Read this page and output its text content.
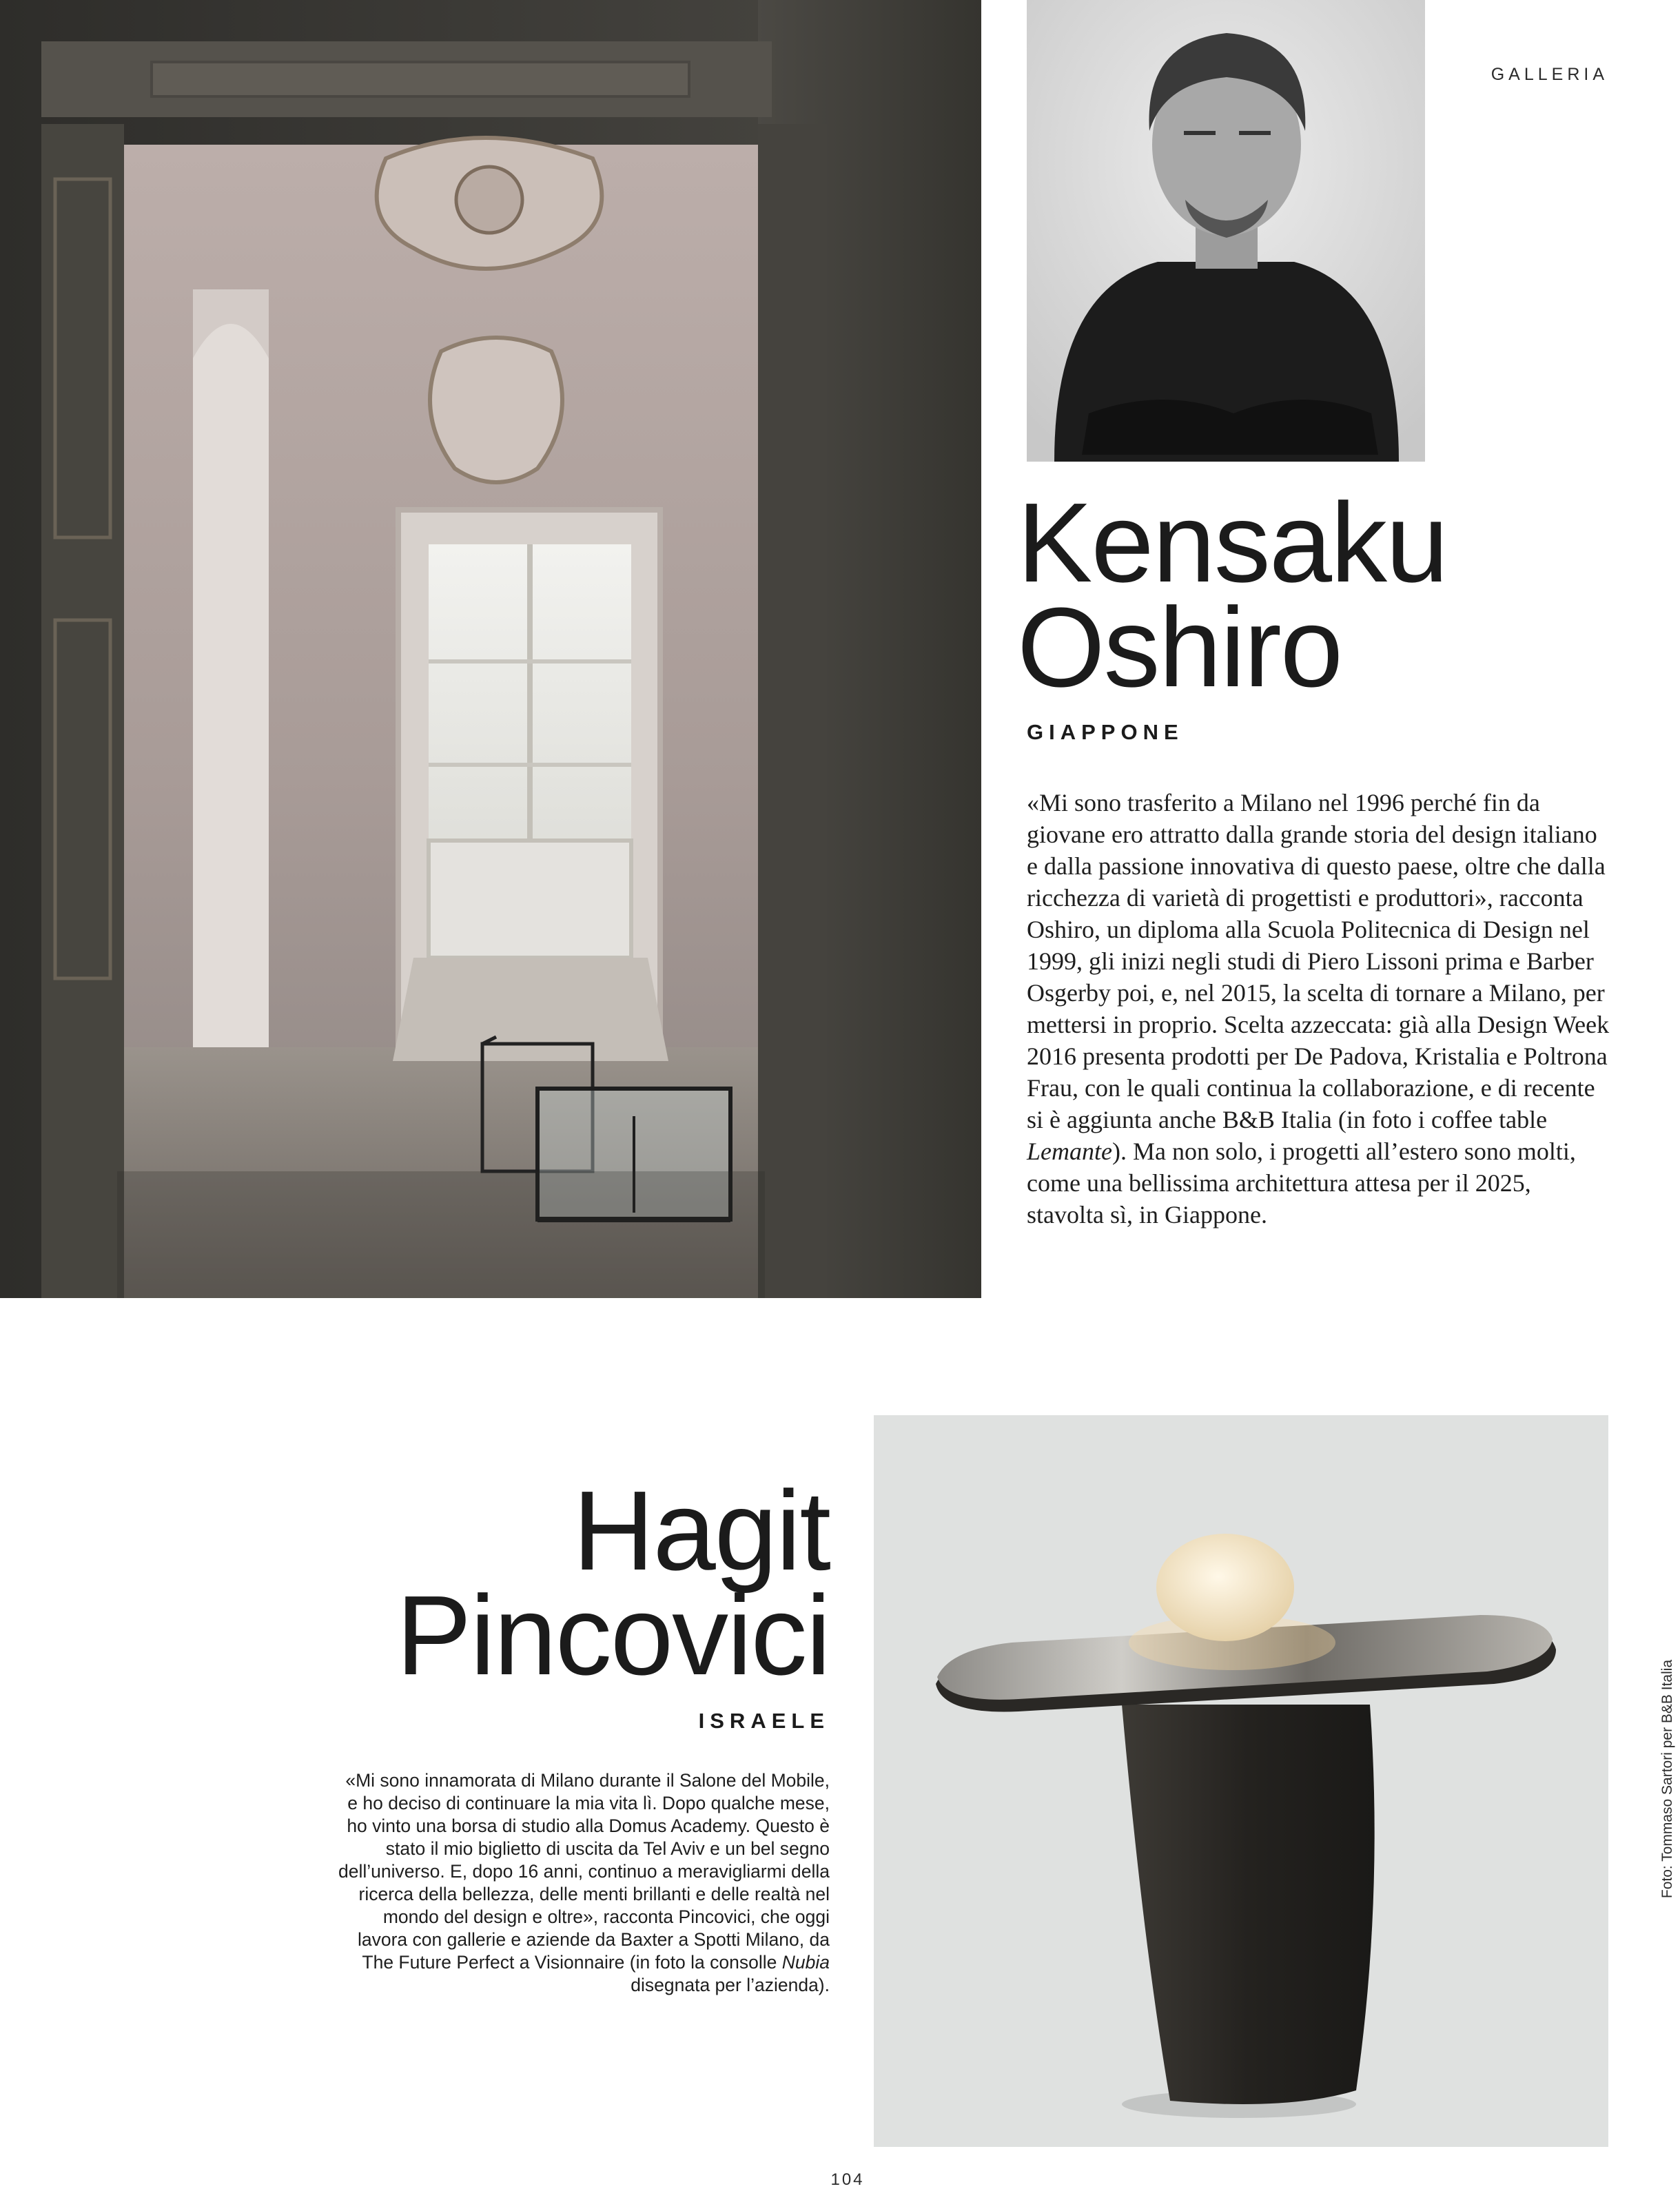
GALLERIA
Kensaku
Oshiro
GIAPPONE

«Mi sono trasferito a Milano nel 1996 perché fin da giovane ero attratto dalla grande storia del design italiano e dalla passione innovativa di questo paese, oltre che dalla ricchezza di varietà di progettisti e produttori», racconta Oshiro, un diploma alla Scuola Politecnica di Design nel 1999, gli inizi negli studi di Piero Lissoni prima e Barber Osgerby poi, e, nel 2015, la scelta di tornare a Milano, per mettersi in proprio. Scelta azzeccata: già alla Design Week 2016 presenta prodotti per De Padova, Kristalia e Poltrona Frau, con le quali continua la collaborazione, e di recente si è aggiunta anche B&B Italia (in foto i coffee table Lemante). Ma non solo, i progetti all’estero sono molti, come una bellissima architettura attesa per il 2025, stavolta sì, in Giappone.

Hagit
Pincovici
ISRAELE

«Mi sono innamorata di Milano durante il Salone del Mobile, e ho deciso di continuare la mia vita lì. Dopo qualche mese, ho vinto una borsa di studio alla Domus Academy. Questo è stato il mio biglietto di uscita da Tel Aviv e un bel segno dell’universo. E, dopo 16 anni, continuo a meravigliarmi della ricerca della bellezza, delle menti brillanti e delle realtà nel mondo del design e oltre», racconta Pincovici, che oggi lavora con gallerie e aziende da Baxter a Spotti Milano, da The Future Perfect a Visionnaire (in foto la consolle Nubia disegnata per l’azienda).

Foto: Tommaso Sartori per B&B Italia
104
